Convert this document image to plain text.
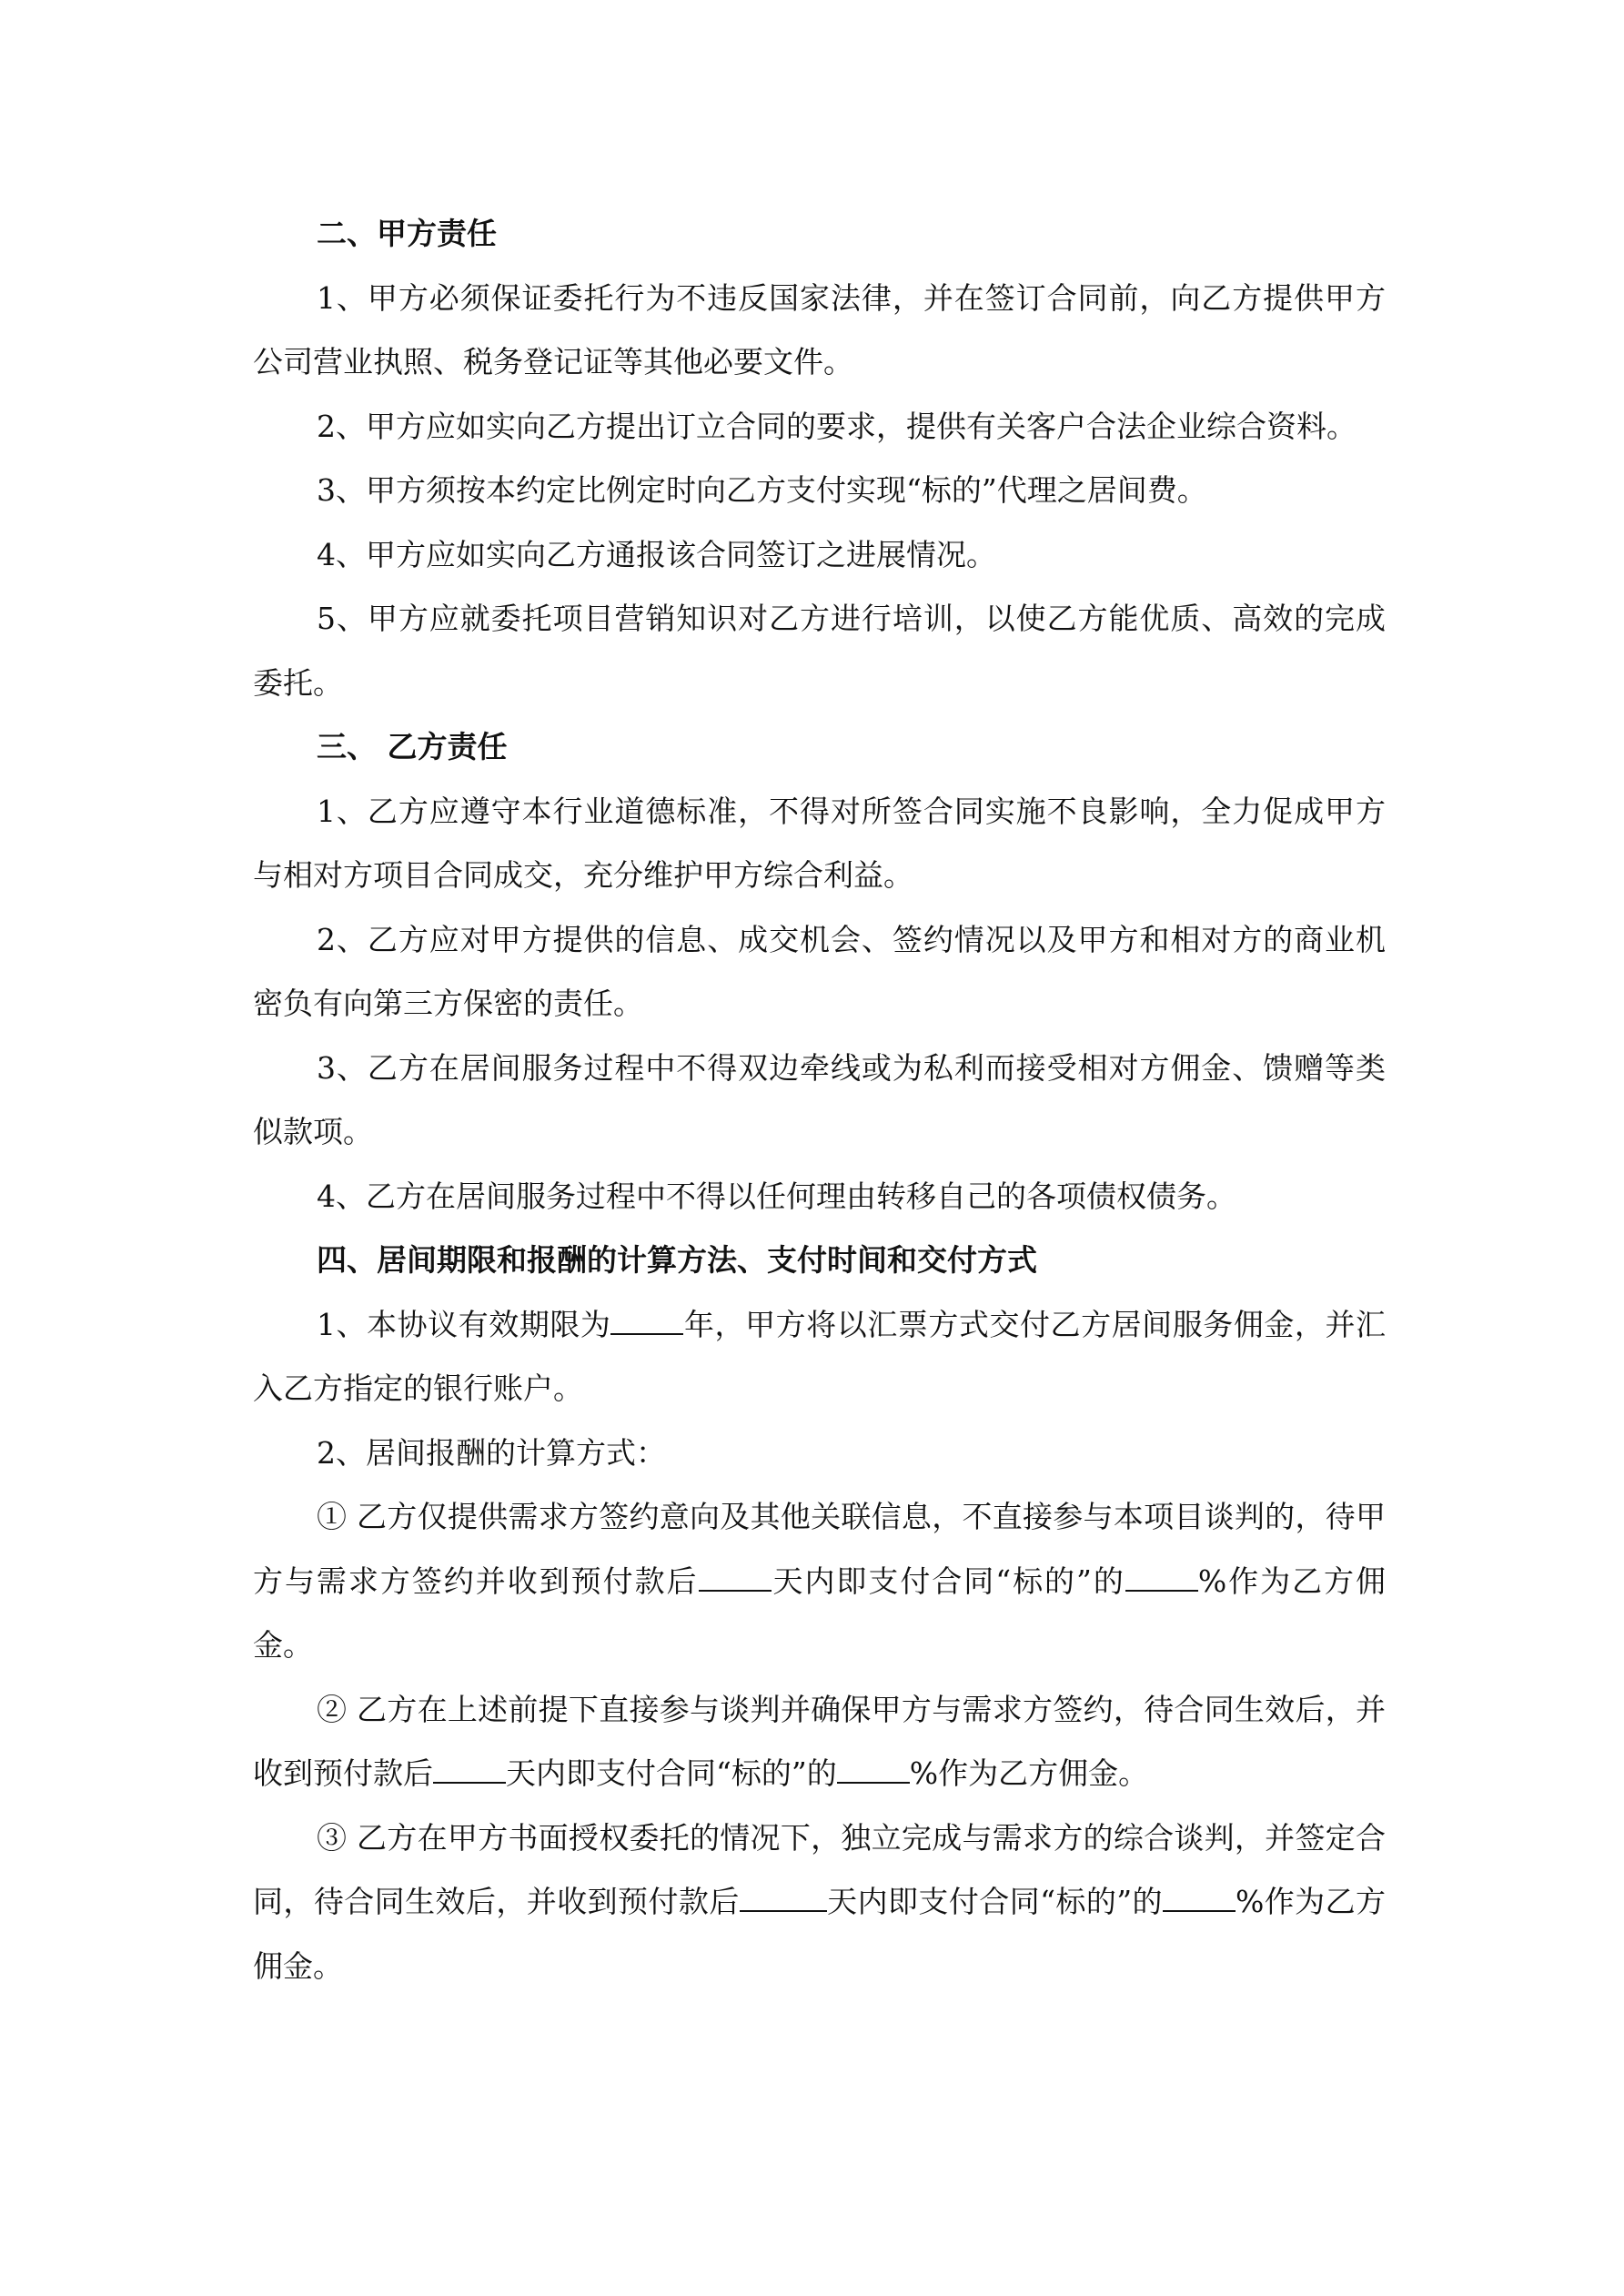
二、甲方责任

1、甲方必须保证委托行为不违反国家法律，并在签订合同前，向乙方提供甲方公司营业执照、税务登记证等其他必要文件。

2、甲方应如实向乙方提出订立合同的要求，提供有关客户合法企业综合资料。

3、甲方须按本约定比例定时向乙方支付实现“标的”代理之居间费。

4、甲方应如实向乙方通报该合同签订之进展情况。

5、甲方应就委托项目营销知识对乙方进行培训，以使乙方能优质、高效的完成委托。

三、 乙方责任

1、乙方应遵守本行业道德标准，不得对所签合同实施不良影响，全力促成甲方与相对方项目合同成交，充分维护甲方综合利益。

2、乙方应对甲方提供的信息、成交机会、签约情况以及甲方和相对方的商业机密负有向第三方保密的责任。

3、乙方在居间服务过程中不得双边牵线或为私利而接受相对方佣金、馈赠等类似款项。

4、乙方在居间服务过程中不得以任何理由转移自己的各项债权债务。

四、居间期限和报酬的计算方法、支付时间和交付方式

1、本协议有效期限为 年，甲方将以汇票方式交付乙方居间服务佣金，并汇入乙方指定的银行账户。

2、居间报酬的计算方式：

① 乙方仅提供需求方签约意向及其他关联信息，不直接参与本项目谈判的，待甲方与需求方签约并收到预付款后 天内即支付合同“标的”的 %作为乙方佣金。

② 乙方在上述前提下直接参与谈判并确保甲方与需求方签约，待合同生效后，并收到预付款后 天内即支付合同“标的”的 %作为乙方佣金。

③ 乙方在甲方书面授权委托的情况下，独立完成与需求方的综合谈判，并签定合同，待合同生效后，并收到预付款后	天内即支付合同“标的”的 %作为乙方佣金。
